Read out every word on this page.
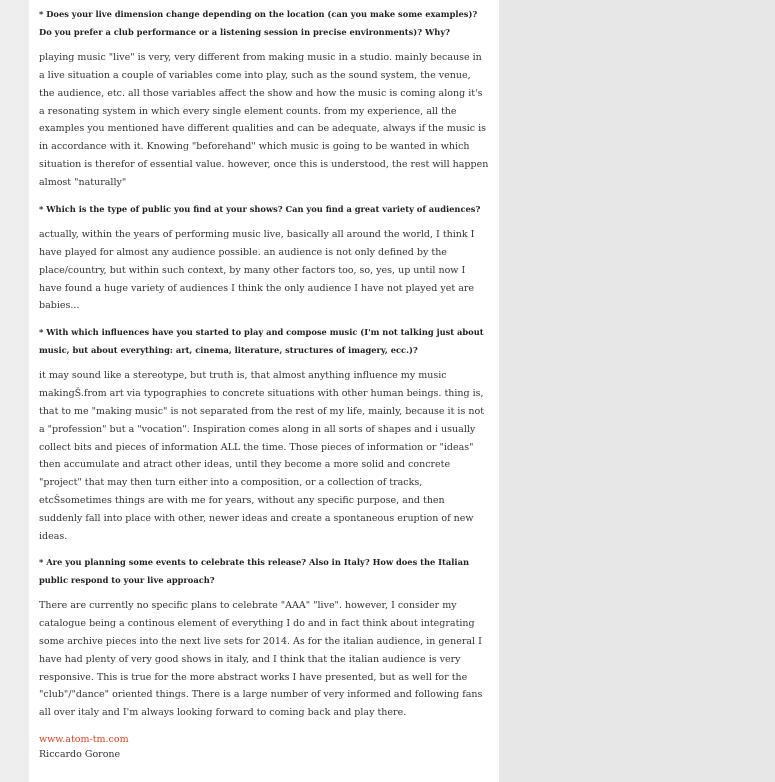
* Does your live dimension change depending on the location (can you make some examples)? Do you prefer a club performance or a listening session in precise environments)? Why?

playing music "live" is very, very different from making music in a studio. mainly because in a live situation a couple of variables come into play, such as the sound system, the venue, the audience, etc. all those variables affect the show and how the music is coming along it's a resonating system in which every single element counts. from my experience, all the examples you mentioned have different qualities and can be adequate, always if the music is in accordance with it. Knowing "beforehand" which music is going to be wanted in which situation is therefor of essential value. however, once this is understood, the rest will happen almost "naturally"

* Which is the type of public you find at your shows? Can you find a great variety of audiences?

actually, within the years of performing music live, basically all around the world, I think I have played for almost any audience possible. an audience is not only defined by the place/country, but within such context, by many other factors too, so, yes, up until now I have found a huge variety of audiences I think the only audience I have not played yet are babies...

* With which influences have you started to play and compose music (I'm not talking just about music, but about everything: art, cinema, literature, structures of imagery, ecc.)?

it may sound like a stereotype, but truth is, that almost anything influence my music makingŠ.from art via typographies to concrete situations with other human beings. thing is, that to me "making music" is not separated from the rest of my life, mainly, because it is not a "profession" but a "vocation". Inspiration comes along in all sorts of shapes and i usually collect bits and pieces of information ALL the time. Those pieces of information or "ideas" then accumulate and atract other ideas, until they become a more solid and concrete "project" that may then turn either into a composition, or a collection of tracks, etcŠsometimes things are with me for years, without any specific purpose, and then suddenly fall into place with other, newer ideas and create a spontaneous eruption of new ideas.

* Are you planning some events to celebrate this release? Also in Italy? How does the Italian public respond to your live approach?

There are currently no specific plans to celebrate "AAA" "live". however, I consider my catalogue being a continous element of everything I do and in fact think about integrating some archive pieces into the next live sets for 2014. As for the italian audience, in general I have had plenty of very good shows in italy, and I think that the italian audience is very responsive. This is true for the more abstract works I have presented, but as well for the "club"/"dance" oriented things. There is a large number of very informed and following fans all over italy and I'm always looking forward to coming back and play there.

www.atom-tm.com
Riccardo Gorone
